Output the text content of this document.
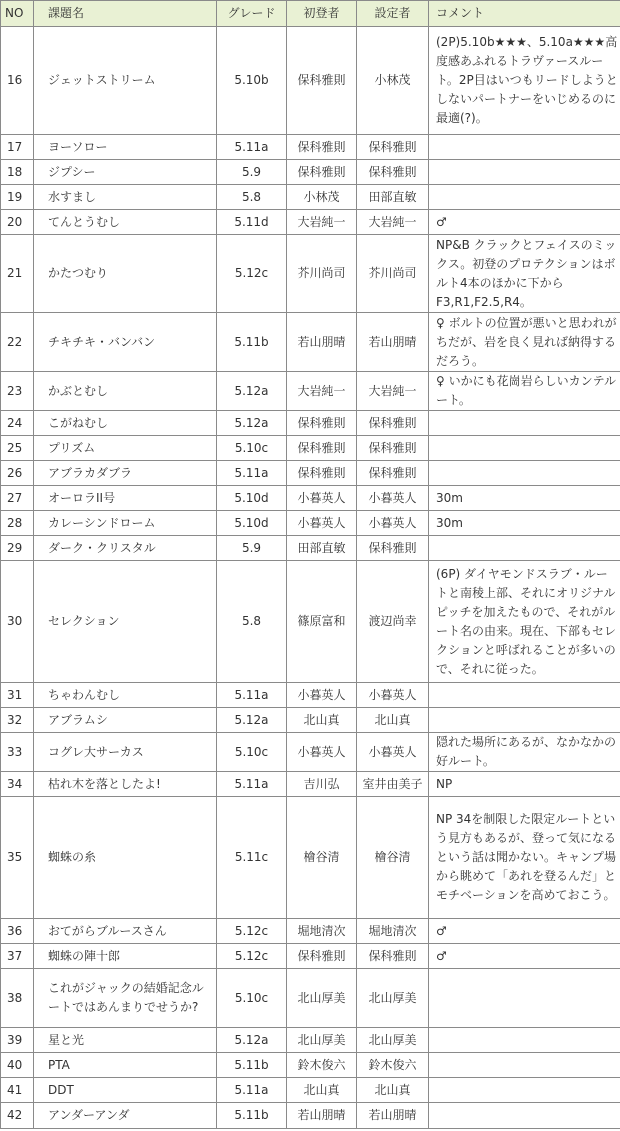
NO	課題名	グレード	初登者	設定者	コメント
16	ジェットストリーム	5.10b	保科雅則	小林茂	(2P)5.10b★★★、5.10a★★★高度感あふれるトラヴァースルート。2P目はいつもリードしようとしないパートナーをいじめるのに最適(?)。
17	ヨーソロー	5.11a	保科雅則	保科雅則	
18	ジプシー	5.9	保科雅則	保科雅則	
19	水すまし	5.8	小林茂	田部直敏	
20	てんとうむし	5.11d	大岩純一	大岩純一	♂
21	かたつむり	5.12c	芥川尚司	芥川尚司	NP&B クラックとフェイスのミックス。初登のプロテクションはボルト4本のほかに下からF3,R1,F2.5,R4。
22	チキチキ・バンバン	5.11b	若山朋晴	若山朋晴	♀ ボルトの位置が悪いと思われがちだが、岩を良く見れば納得するだろう。
23	かぶとむし	5.12a	大岩純一	大岩純一	♀ いかにも花崗岩らしいカンテルート。
24	こがねむし	5.12a	保科雅則	保科雅則	
25	プリズム	5.10c	保科雅則	保科雅則	
26	アブラカダブラ	5.11a	保科雅則	保科雅則	
27	オーロラII号	5.10d	小暮英人	小暮英人	30m
28	カレーシンドローム	5.10d	小暮英人	小暮英人	30m
29	ダーク・クリスタル	5.9	田部直敏	保科雅則	
30	セレクション	5.8	篠原富和	渡辺尚幸	(6P) ダイヤモンドスラブ・ルートと南稜上部、それにオリジナルピッチを加えたもので、それがルート名の由来。現在、下部もセレクションと呼ばれることが多いので、それに従った。
31	ちゃわんむし	5.11a	小暮英人	小暮英人	
32	アブラムシ	5.12a	北山真	北山真	
33	コグレ大サーカス	5.10c	小暮英人	小暮英人	隠れた場所にあるが、なかなかの好ルート。
34	枯れ木を落としたよ!	5.11a	吉川弘	室井由美子	NP
35	蜘蛛の糸	5.11c	檜谷清	檜谷清	NP 34を制限した限定ルートという見方もあるが、登って気になるという話は聞かない。キャンプ場から眺めて「あれを登るんだ」とモチベーションを高めておこう。
36	おてがらブルースさん	5.12c	堀地清次	堀地清次	♂
37	蜘蛛の陣十郎	5.12c	保科雅則	保科雅則	♂
38	これがジャックの結婚記念ルートではあんまりでせうか?	5.10c	北山厚美	北山厚美	
39	星と光	5.12a	北山厚美	北山厚美	
40	PTA	5.11b	鈴木俊六	鈴木俊六	
41	DDT	5.11a	北山真	北山真	
42	アンダーアンダ	5.11b	若山朋晴	若山朋晴	
